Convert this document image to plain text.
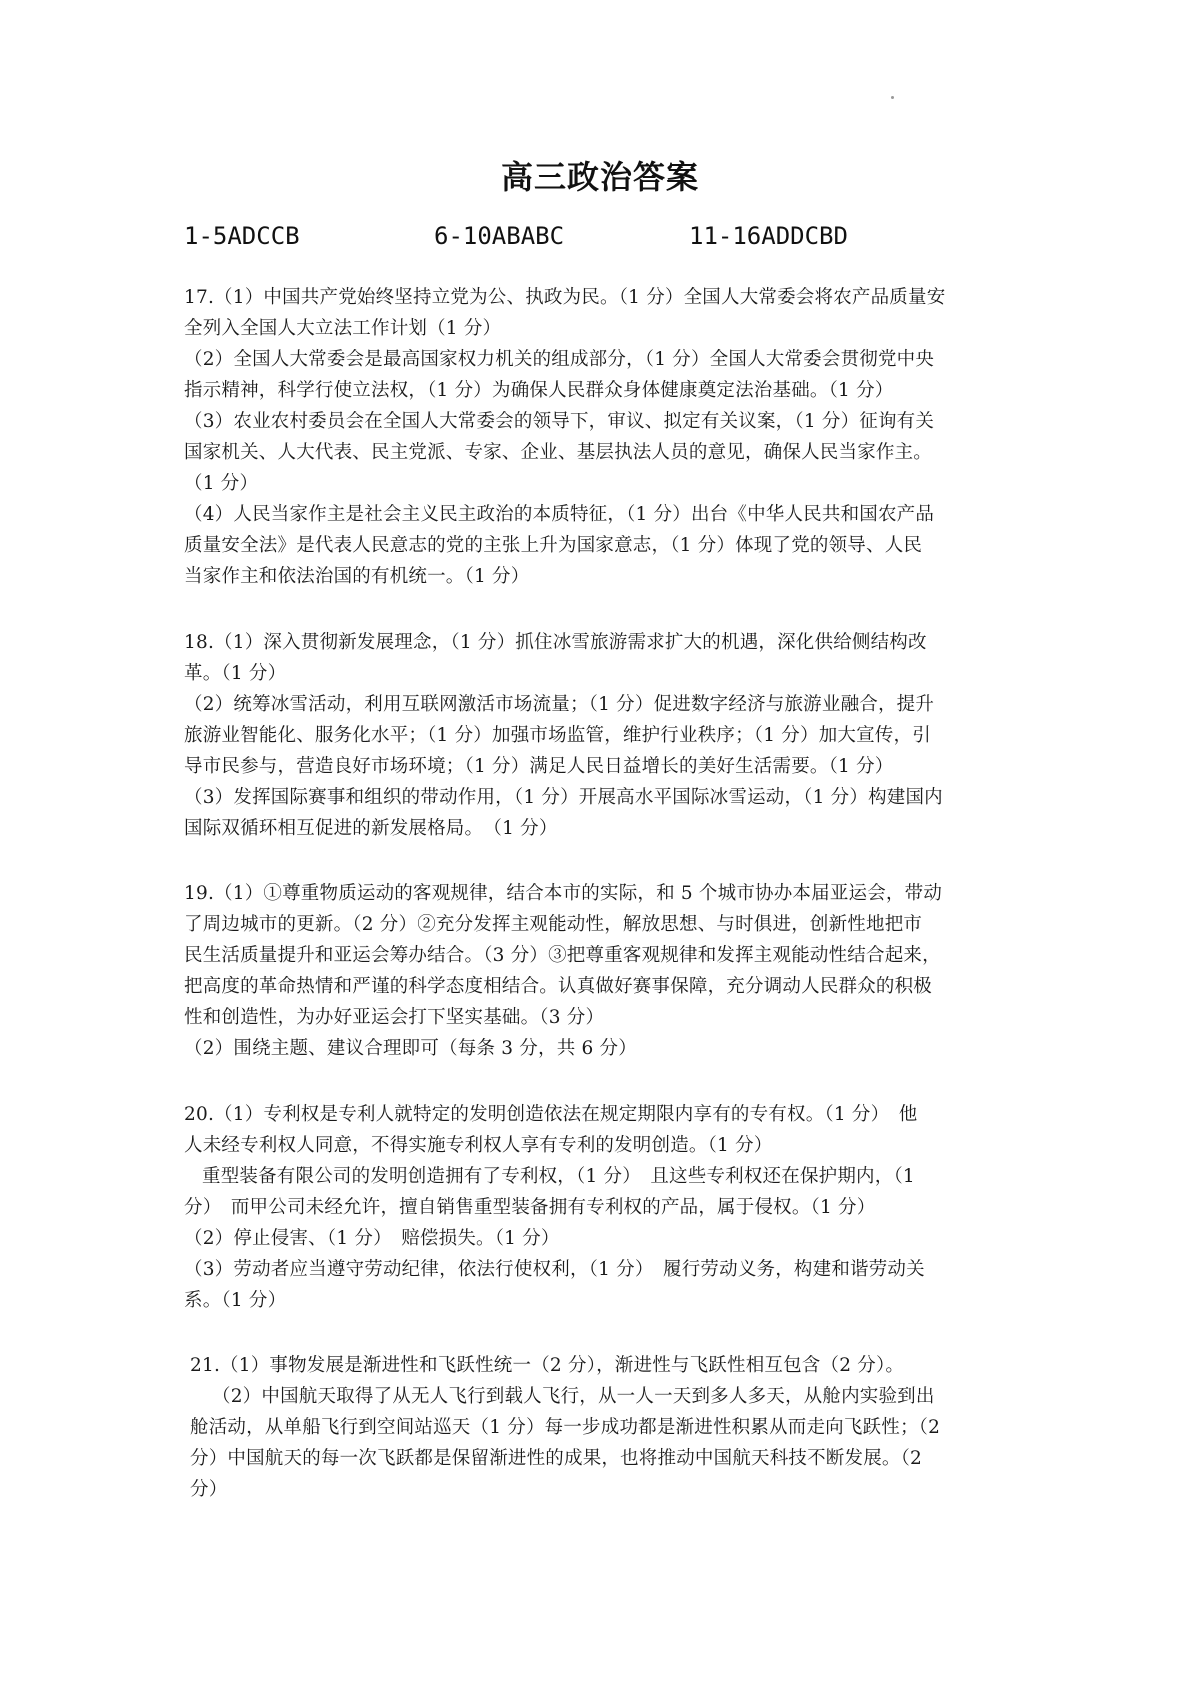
高三政治答案
1-5ADCCB	6-10ABABC	11-16ADDCBD
17.（1）中国共产党始终坚持立党为公、执政为民。（1 分）全国人大常委会将农产品质量安
全列入全国人大立法工作计划（1 分）
（2）全国人大常委会是最高国家权力机关的组成部分，（1 分）全国人大常委会贯彻党中央
指示精神，科学行使立法权，（1 分）为确保人民群众身体健康奠定法治基础。（1 分）
（3）农业农村委员会在全国人大常委会的领导下，审议、拟定有关议案，（1 分）征询有关
国家机关、人大代表、民主党派、专家、企业、基层执法人员的意见，确保人民当家作主。
（1 分）
（4）人民当家作主是社会主义民主政治的本质特征，（1 分）出台《中华人民共和国农产品
质量安全法》是代表人民意志的党的主张上升为国家意志，（1 分）体现了党的领导、人民
当家作主和依法治国的有机统一。（1 分）
18.（1）深入贯彻新发展理念，（1 分）抓住冰雪旅游需求扩大的机遇，深化供给侧结构改
革。（1 分）
（2）统筹冰雪活动，利用互联网激活市场流量；（1 分）促进数字经济与旅游业融合，提升
旅游业智能化、服务化水平；（1 分）加强市场监管，维护行业秩序；（1 分）加大宣传，引
导市民参与，营造良好市场环境；（1 分）满足人民日益增长的美好生活需要。（1 分）
（3）发挥国际赛事和组织的带动作用，（1 分）开展高水平国际冰雪运动，（1 分）构建国内
国际双循环相互促进的新发展格局。　（1 分）
19.（1）①尊重物质运动的客观规律，结合本市的实际，和 5 个城市协办本届亚运会，带动
了周边城市的更新。（2 分）②充分发挥主观能动性，解放思想、与时俱进，创新性地把市
民生活质量提升和亚运会筹办结合。（3 分）③把尊重客观规律和发挥主观能动性结合起来，
把高度的革命热情和严谨的科学态度相结合。认真做好赛事保障，充分调动人民群众的积极
性和创造性，为办好亚运会打下坚实基础。（3 分）
（2）围绕主题、建议合理即可（每条 3 分，共 6 分）
20.（1）专利权是专利人就特定的发明创造依法在规定期限内享有的专有权。（1 分）　他
人未经专利权人同意，不得实施专利权人享有专利的发明创造。（1 分）
重型装备有限公司的发明创造拥有了专利权，（1 分）　且这些专利权还在保护期内，（1
分）　而甲公司未经允许，擅自销售重型装备拥有专利权的产品，属于侵权。（1 分）
（2）停止侵害、（1 分）　赔偿损失。（1 分）
（3）劳动者应当遵守劳动纪律，依法行使权利，（1 分）　履行劳动义务，构建和谐劳动关
系。（1 分）
21.（1）事物发展是渐进性和飞跃性统一（2 分），渐进性与飞跃性相互包含（2 分）。
（2）中国航天取得了从无人飞行到载人飞行，从一人一天到多人多天，从舱内实验到出
舱活动，从单船飞行到空间站巡天（1 分）每一步成功都是渐进性积累从而走向飞跃性；（2
分）中国航天的每一次飞跃都是保留渐进性的成果，也将推动中国航天科技不断发展。（2
分）
